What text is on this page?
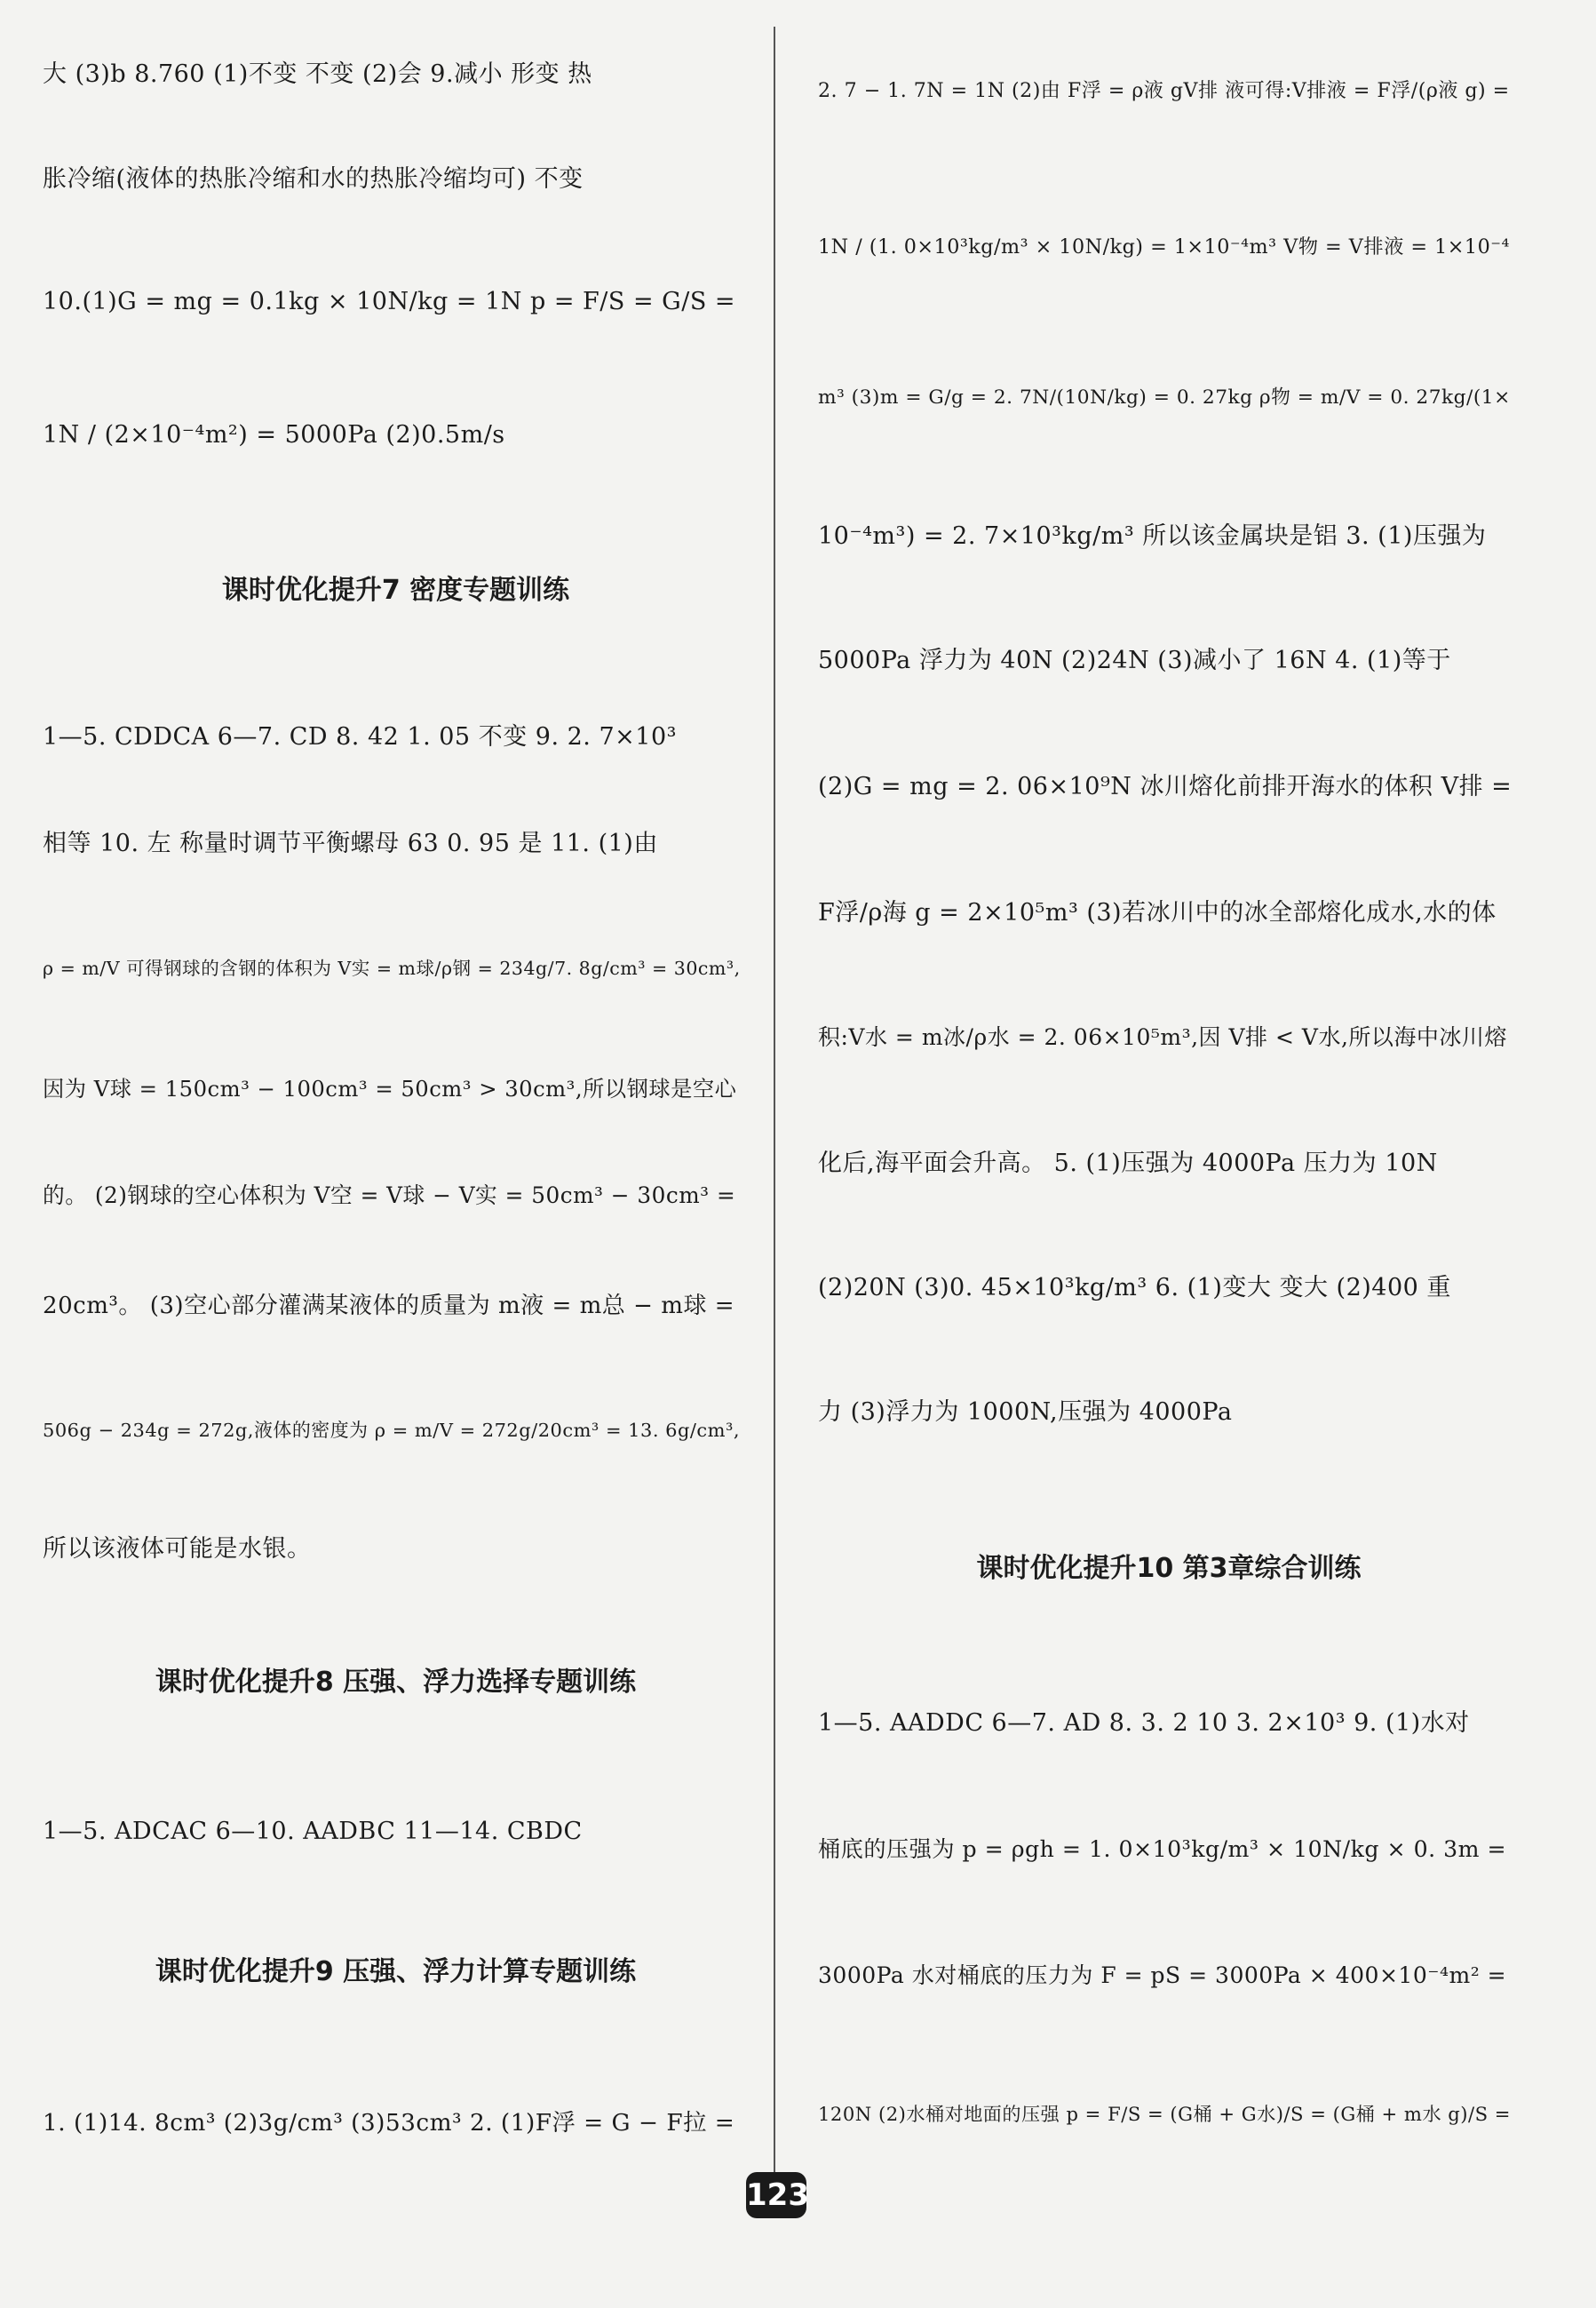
大 (3)b 8.760 (1)不变 不变 (2)会 9.减小 形变 热
胀冷缩(液体的热胀冷缩和水的热胀冷缩均可) 不变
10.(1)G = mg = 0.1kg × 10N/kg = 1N p = F/S = G/S =
1N / (2×10⁻⁴m²) = 5000Pa (2)0.5m/s
课时优化提升7 密度专题训练
1—5. CDDCA 6—7. CD 8. 42 1. 05 不变 9. 2. 7×10³
相等 10. 左 称量时调节平衡螺母 63 0. 95 是 11. (1)由
ρ = m/V 可得钢球的含钢的体积为 V实 = m球/ρ钢 = 234g/7. 8g/cm³ = 30cm³,
因为 V球 = 150cm³ − 100cm³ = 50cm³ > 30cm³,所以钢球是空心
的。 (2)钢球的空心体积为 V空 = V球 − V实 = 50cm³ − 30cm³ =
20cm³。 (3)空心部分灌满某液体的质量为 m液 = m总 − m球 =
506g − 234g = 272g,液体的密度为 ρ = m/V = 272g/20cm³ = 13. 6g/cm³,
所以该液体可能是水银。
课时优化提升8 压强、浮力选择专题训练
1—5. ADCAC 6—10. AADBC 11—14. CBDC
课时优化提升9 压强、浮力计算专题训练
1. (1)14. 8cm³ (2)3g/cm³ (3)53cm³ 2. (1)F浮 = G − F拉 =
2. 7 − 1. 7N = 1N (2)由 F浮 = ρ液 gV排 液可得:V排液 = F浮/(ρ液 g) =
1N / (1. 0×10³kg/m³ × 10N/kg) = 1×10⁻⁴m³ V物 = V排液 = 1×10⁻⁴
m³ (3)m = G/g = 2. 7N/(10N/kg) = 0. 27kg ρ物 = m/V = 0. 27kg/(1×
10⁻⁴m³) = 2. 7×10³kg/m³ 所以该金属块是铝 3. (1)压强为
5000Pa 浮力为 40N (2)24N (3)减小了 16N 4. (1)等于
(2)G = mg = 2. 06×10⁹N 冰川熔化前排开海水的体积 V排 =
F浮/ρ海 g = 2×10⁵m³ (3)若冰川中的冰全部熔化成水,水的体
积:V水 = m冰/ρ水 = 2. 06×10⁵m³,因 V排 < V水,所以海中冰川熔
化后,海平面会升高。 5. (1)压强为 4000Pa 压力为 10N
(2)20N (3)0. 45×10³kg/m³ 6. (1)变大 变大 (2)400 重
力 (3)浮力为 1000N,压强为 4000Pa
课时优化提升10 第3章综合训练
1—5. AADDC 6—7. AD 8. 3. 2 10 3. 2×10³ 9. (1)水对
桶底的压强为 p = ρgh = 1. 0×10³kg/m³ × 10N/kg × 0. 3m =
3000Pa 水对桶底的压力为 F = pS = 3000Pa × 400×10⁻⁴m² =
120N (2)水桶对地面的压强 p = F/S = (G桶 + G水)/S = (G桶 + m水 g)/S =
123
